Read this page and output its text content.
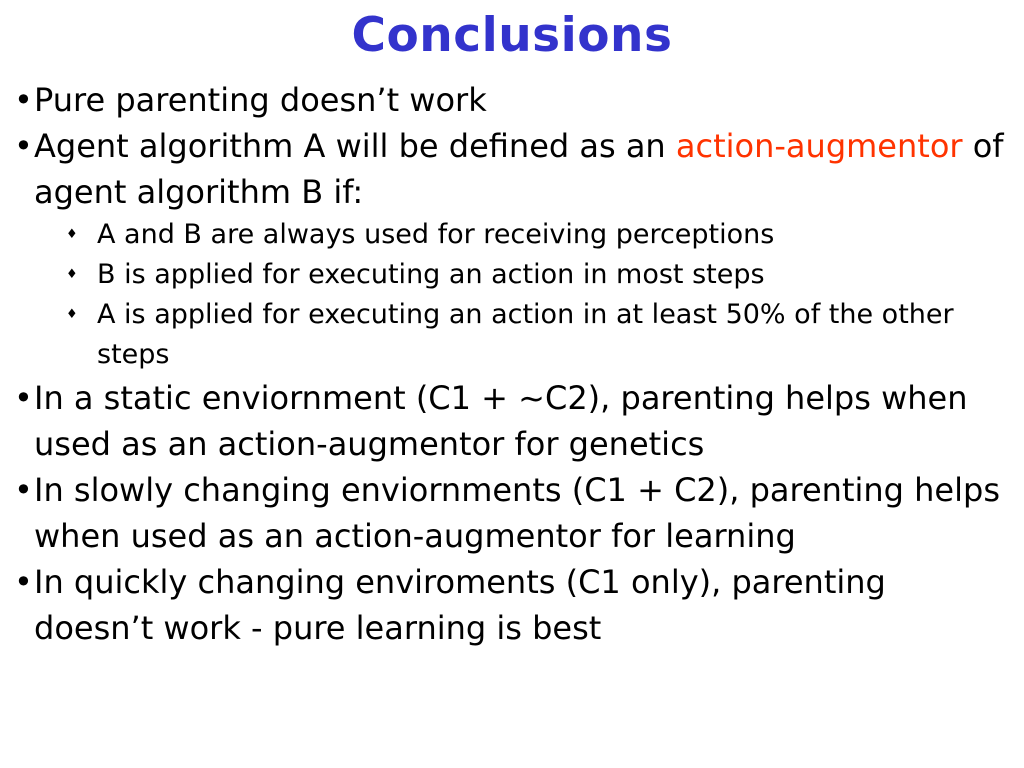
Conclusions

• Pure parenting doesn’t work

• Agent algorithm A will be defined as an action-augmentor of agent algorithm B if:

♦ A and B are always used for receiving perceptions
♦ B is applied for executing an action in most steps
♦ A is applied for executing an action in at least 50% of the other steps

• In a static enviornment (C1 + ~C2), parenting helps when used as an action-augmentor for genetics

• In slowly changing enviornments (C1 + C2), parenting helps when used as an action-augmentor for learning

• In quickly changing enviroments (C1 only), parenting doesn’t work - pure learning is best
